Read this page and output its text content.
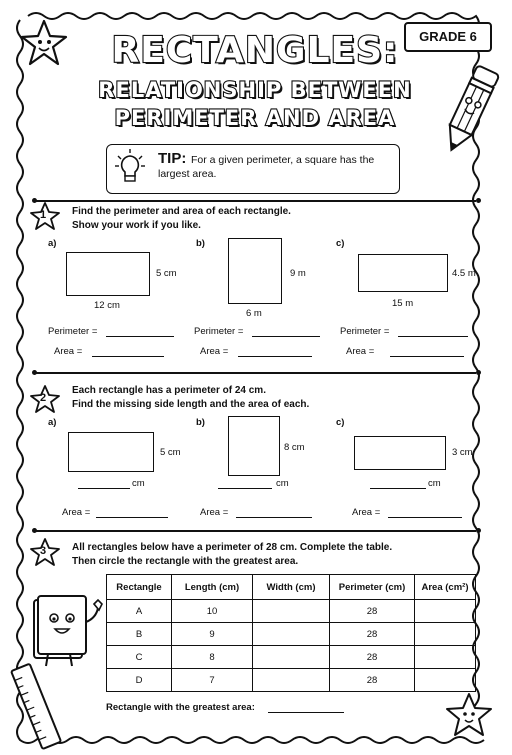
GRADE 6
RECTANGLES:
RELATIONSHIP BETWEEN
PERIMETER AND AREA
TIP: For a given perimeter, a square has the
largest area.
1	Find the perimeter and area of each rectangle.
Show your work if you like.
a)
5 cm
12 cm
b)
9 m
6 m
c)
4.5 m
15 m
Perimeter =	Perimeter =	Perimeter =
Area =	Area =	Area =
2
Each rectangle has a perimeter of 24 cm.
Find the missing side length and the area of each.
a)
5 cm
cm
b)
8 cm
cm
c)
3 cm
cm
Area =	Area =	Area =
3	All rectangles below have a perimeter of 28 cm. Complete the table.
Then circle the rectangle with the greatest area.
Rectangle	Length (cm)	Width (cm)	Perimeter (cm)	Area (cm²)
A	10		28	
B	9		28	
C	8		28	
D	7		28	
Rectangle with the greatest area:
